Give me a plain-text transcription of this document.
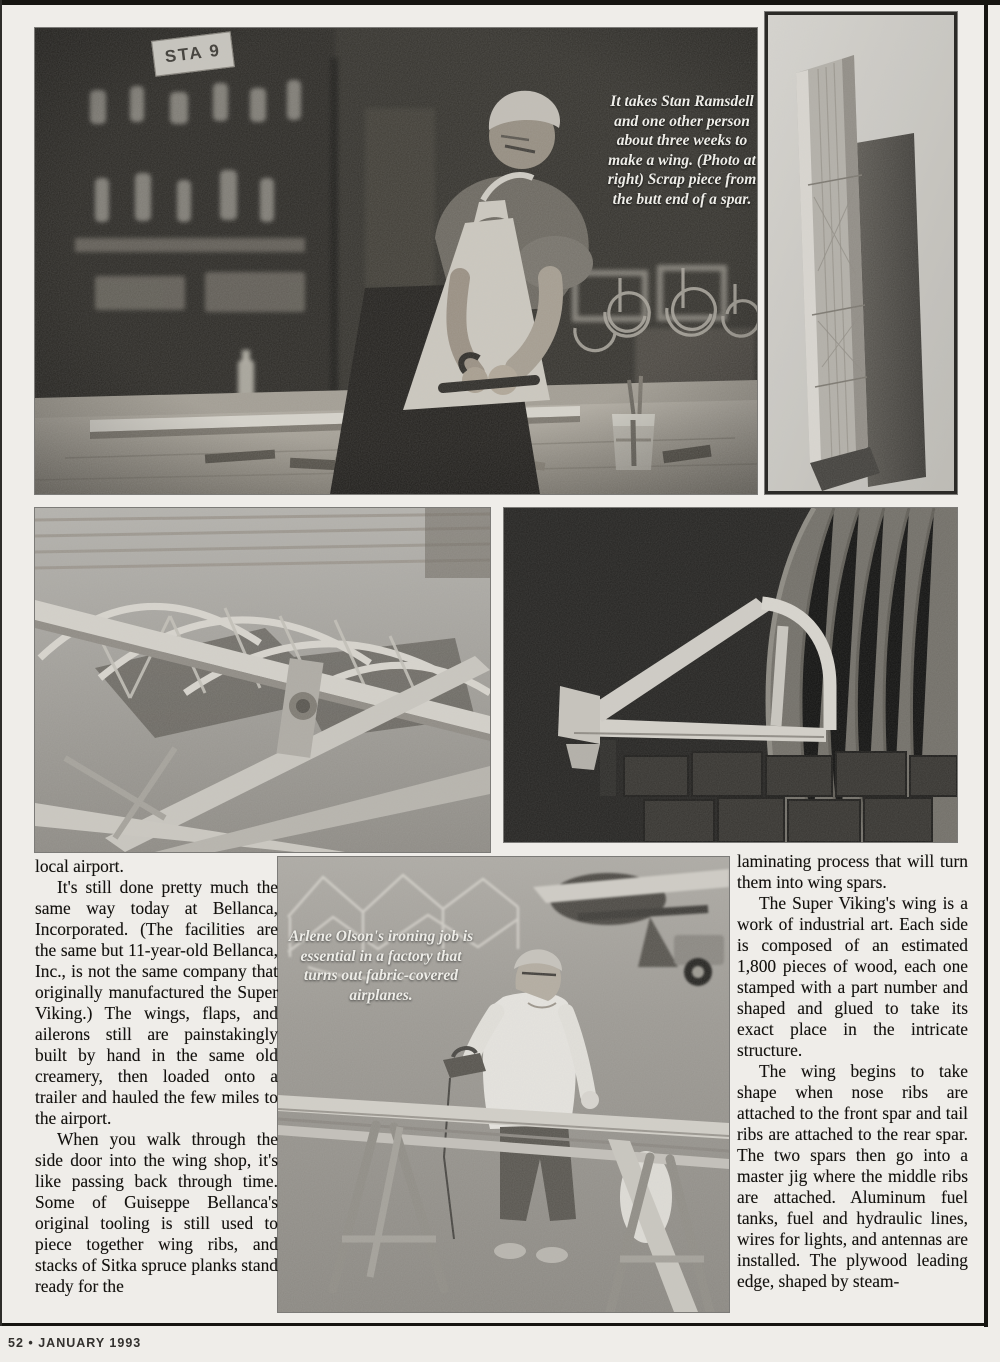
It takes Stan Ramsdell and one other person about three weeks to make a wing. (Photo at right) Scrap piece from the butt end of a spar.
STA 9
Arlene Olson's ironing job is essential in a factory that turns out fabric-covered airplanes.

local airport.

It's still done pretty much the same way today at Bellanca, Incorporated. (The facilities are the same but 11-year-old Bellanca, Inc., is not the same company that originally manufactured the Super Viking.) The wings, flaps, and ailerons still are painstakingly built by hand in the same old creamery, then loaded onto a trailer and hauled the few miles to the airport.

When you walk through the side door into the wing shop, it's like passing back through time. Some of Guiseppe Bellanca's original tooling is still used to piece together wing ribs, and stacks of Sitka spruce planks stand ready for the

laminating process that will turn them into wing spars.

The Super Viking's wing is a work of industrial art. Each side is composed of an estimated 1,800 pieces of wood, each one stamped with a part number and shaped and glued to take its exact place in the intricate structure.

The wing begins to take shape when nose ribs are attached to the front spar and tail ribs are attached to the rear spar. The two spars then go into a master jig where the middle ribs are attached. Aluminum fuel tanks, fuel and hydraulic lines, wires for lights, and antennas are installed. The plywood leading edge, shaped by steam-

52 • JANUARY 1993
